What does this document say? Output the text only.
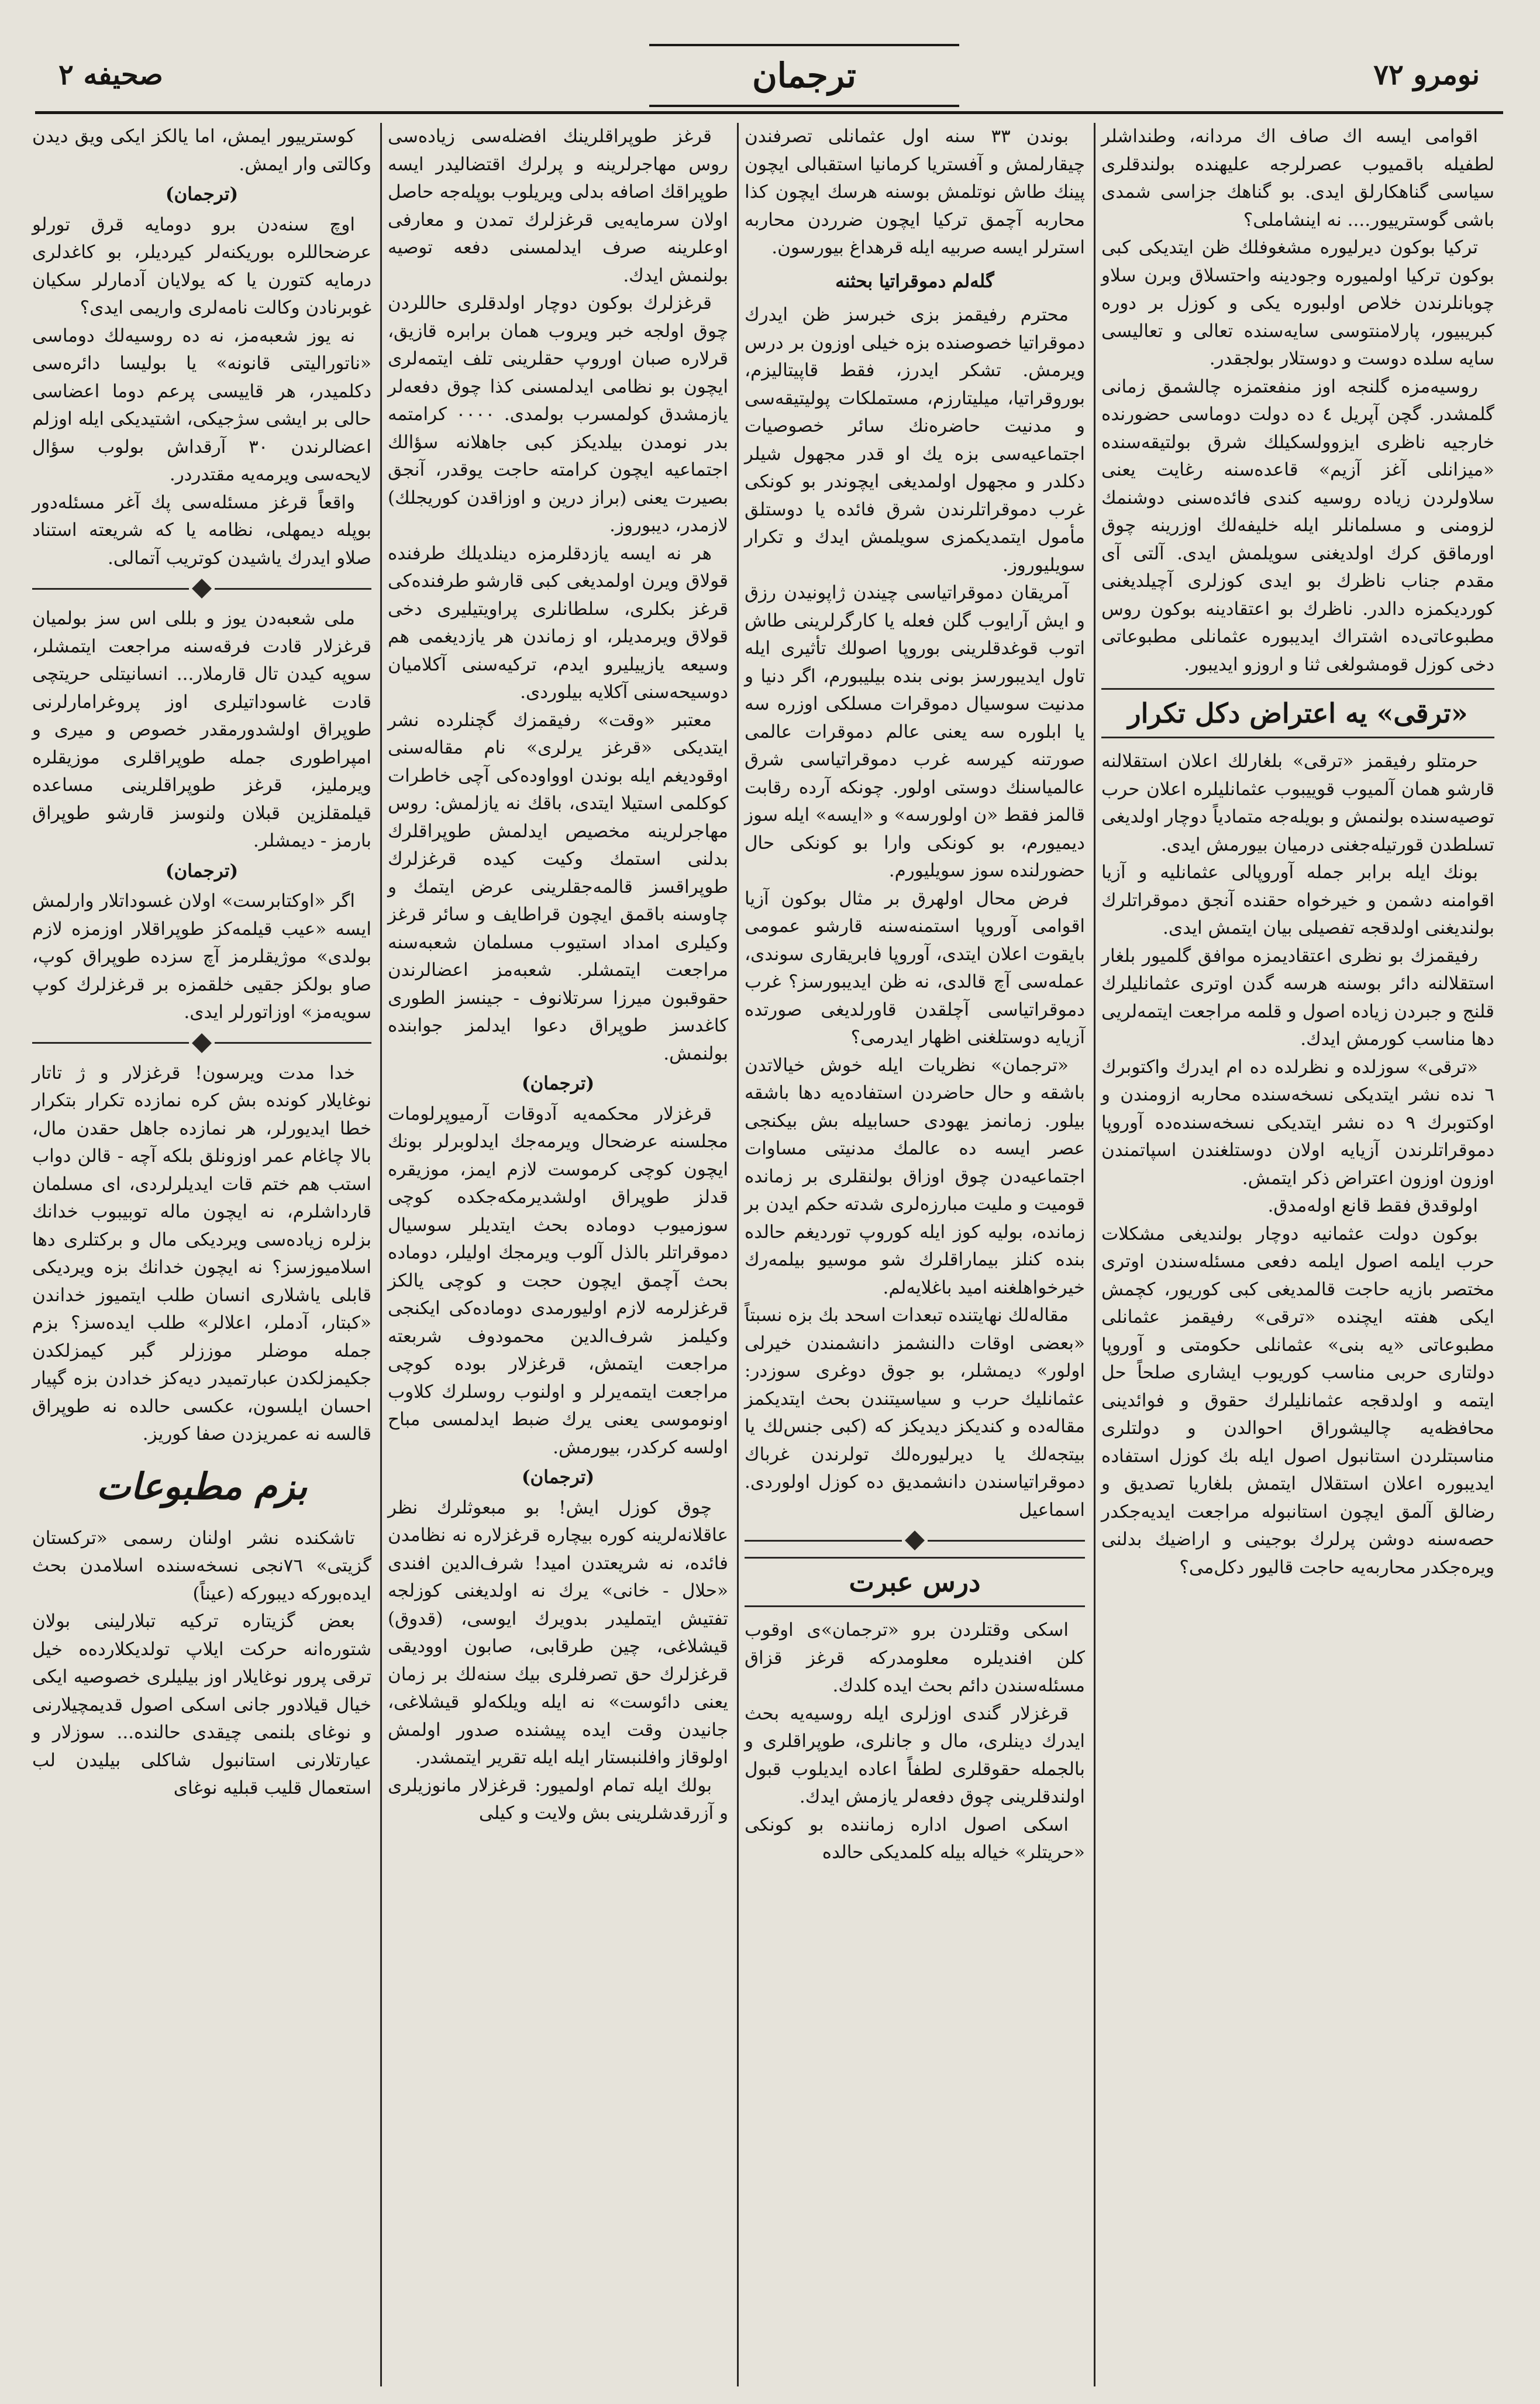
نومرو ۷۲
ترجمان
صحيفه ۲

اقوامی ایسه اك صاف اك مردانه، وطنداشلر لطفیله باقمیوب عصرلرجه علیهنده بولندقلری سیاسی گناهکارلق ایدی. بو گناهك جزاسی شمدی باشی گوسترییور.... نه اینشاملی؟

ترکیا بوکون دیرلیوره مشغوفلك ظن ایتدیکی کبی بوکون ترکیا اولمیوره وجودینه واحتسلاق وبرن سلاو چوبانلرندن خلاص اولبوره یکی و کوزل بر دوره کبریبیور، پارلامنتوسی سایه‌سنده تعالی و تعالیسی سایه سلده دوست و دوستلار بولجقدر.

روسیه‌مزه گلنجه اوز منفعتمزه چالشمق زمانی گلمشدر. گچن آپریل ٤ ده دولت دوماسی حضورنده خارجیه ناظری ایزوولسکیلك شرق بولتیقه‌سنده «میزانلی آغز آزیم» قاعده‌سنه رغایت یعنی سلاولردن زیاده روسیه کندی فائده‌سنی دوشنمك لزومنی و مسلمانلر ایله خلیفه‌لك اوزرینه چوق اورماقق کرك اولدیغنی سویلمش ایدی. آلتی آی مقدم جناب ناظرك بو ایدی کوزلری آچیلدیغنی کوردیکمزه دالدر. ناظرك بو اعتقادینه بوکون روس مطبوعاتی‌ده اشتراك ایدیبوره عثمانلی مطبوعاتی دخی کوزل قومشولغی ثنا و اروزو ایدیبور.

«ترقی» یه اعتراض دکل تکرار

حرمتلو رفیقمز «ترقی» بلغارلك اعلان استقلالنه قارشو همان آلمیوب قوییبوب عثمانلیلره اعلان حرب توصیه‌سنده بولنمش و بویله‌جه متمادیاً دوچار اولدیغی تسلطدن قورتیله‌جغنی درمیان بیورمش ایدی.

بونك ایله برابر جمله آوروپالی عثمانلیه و آزیا اقوامنه دشمن و خیرخواه حقنده آنجق دموقراتلرك بولندیغنی اولدقجه تفصیلی بیان ایتمش ایدی.

رفیقمزك بو نظری اعتقادیمزه موافق گلمیور بلغار استقلالنه دائر بوسنه هرسه گدن اوتری عثمانلیلرك قلنج و جبردن زیاده اصول و قلمه مراجعت ایتمه‌لریی دها مناسب کورمش ایدك.

«ترقی» سوزلده و نظرلده ده ام ایدرك واکتوبرك ٦ نده نشر ایتدیکی نسخه‌سنده محاربه ازومندن و اوکتوبرك ٩ ده نشر ایتدیکی نسخه‌سنده‌ده آوروپا دموقراتلرندن آزیایه اولان دوستلغندن اسپاتمندن اوزون اوزون اعتراض ذکر ایتمش.

اولوقدق فقط قانع اوله‌مدق.

بوکون دولت عثمانیه دوچار بولندیغی مشکلات حرب ایلمه اصول ایلمه دفعی مسئله‌سندن اوتری مختصر بازیه حاجت قالمدیغی کبی کوریور، کچمش ایکی هفته ایچنده «ترقی» رفیقمز عثمانلی مطبوعاتی «یه بنی» عثمانلی حکومتی و آوروپا دولتاری حربی مناسب کوریوب ایشاری صلحاً حل ایتمه و اولدقجه عثمانلیلرك حقوق و فوائدینی محافظه‌یه چالیشوراق احوالدن و دولتلری مناسبتلردن استانبول اصول ایله بك کوزل استفاده ایدیبوره اعلان استقلال ایتمش بلغاریا تصدیق و رضالق آلمق ایچون استانبوله مراجعت ایدیه‌جکدر حصه‌سنه دوشن پرلرك بوجینی و اراضیك بدلنی ویره‌جکدر محاربه‌یه حاجت قالیور دکل‌می؟

بوندن ۳۳ سنه اول عثمانلی تصرفندن چیقارلمش و آفستریا کرمانیا استقبالی ایچون پینك طاش نوتلمش بوسنه هرسك ایچون کذا محاربه آچمق ترکیا ایچون ضرردن محاربه استرلر ایسه صربیه ایله قرهداغ بیورسون.

گله‌لم دموقراتیا بحثنه

محترم رفیقمز بزی خبرسز ظن ایدرك دموقراتیا خصوصنده بزه خیلی اوزون بر درس ویرمش. تشکر ایدرز، فقط قاپیتالیزم، بوروقراتیا، میلیتارزم، مستملکات پولیتیقه‌سی و مدنیت حاضره‌نك سائر خصوصیات اجتماعیه‌سی بزه یك او قدر مجهول شیلر دکلدر و مجهول اولمدیغی ایچوندر بو کونکی غرب دموقراتلرندن شرق فائده یا دوستلق مأمول ایتمدیکمزی سویلمش ایدك و تکرار سویلیوروز.

آمریقان دموقراتیاسی چیندن ژاپونیدن رزق و ایش آرایوب گلن فعله یا کارگرلرینی طاش اتوب قوغدقلرینی بوروپا اصولك تأثیری ایله تاول ایدیبورسز بونی بنده بیلیبورم، اگر دنیا و مدنیت سوسیال دموقرات مسلکی اوزره سه یا ابلوره سه یعنی عالم دموقرات عالمی صورتنه کیرسه غرب دموقراتیاسی شرق عالمیاسنك دوستی اولور. چونکه آرده رقابت قالمز فقط «ن اولورسه» و «ایسه» ایله سوز دیمیورم، بو کونکی وارا بو کونکی حال حضورلنده سوز سویلیورم.

فرض محال اولهرق بر مثال بوکون آزیا اقوامی آوروپا استمنه‌سنه قارشو عمومی بایقوت اعلان ایتدی، آوروپا فابریقاری سوندی، عمله‌سی آچ قالدی، نه ظن ایدیبورسز؟ غرب دموقراتیاسی آچلقدن قاورلدیغی صورتده آزیایه دوستلغنی اظهار ایدرمی؟

«ترجمان» نظریات ایله خوش خیالاتدن باشقه و حال حاضردن استفاده‌یه دها باشقه بیلور. زمانمز یهودی حسابیله بش بیکنجی عصر ایسه ده عالمك مدنیتی مساوات اجتماعیه‌دن چوق اوزاق بولنقلری بر زمانده قومیت و ملیت مبارزه‌لری شدته حکم ایدن بر زمانده، بولیه کوز ایله کوروپ توردیغم حالده بنده کنلز بیماراقلرك شو موسیو بیلمه‌رك خیرخواهلغنه امید باغلایه‌لم.

مقاله‌لك نهایتنده تبعدات اسحد بك بزه نسبتاً «بعضی اوقات دالنشمز دانشمندن خیرلی اولور» دیمشلر، بو جوق دوغری سوزدر: عثمانلیك حرب و سیاسیتندن بحث ایتدیکمز مقاله‌ده و کندیکز دیدیکز که (کبی جنس‌لك یا بیتجه‌لك یا دیرلیوره‌لك تولرندن غرباك دموقراتیاسندن دانشمدیق ده کوزل اولوردی. اسماعیل

درس عبرت

اسکی وقتلردن برو «ترجمان»ی اوقوب کلن افندیلره معلومدرکه قرغز قزاق مسئله‌سندن دائم بحث ایده کلدك.

قرغزلار گندی اوزلری ایله روسیه‌یه بحث ایدرك دینلری، مال و جانلری، طوپراقلری و بالجمله حقوقلری لطفاً اعاده ایدیلوب قبول اولندقلرینی چوق دفعه‌لر یازمش ایدك.

اسکی اصول اداره زماننده بو کونکی «حریتلر» خیاله بیله کلمدیکی حالده

قرغز طوپراقلرینك افضله‌سی زیاده‌سی روس مهاجرلرینه و پرلرك اقتضالیدر ایسه طوپراقك اصافه بدلی ویریلوب بوپله‌جه حاصل اولان سرمایه‌یی قرغزلرك تمدن و معارفی اوعلرینه صرف ایدلمسنی دفعه توصیه بولنمش ایدك.

قرغزلرك بوکون دوچار اولدقلری حاللردن چوق اولجه خبر ویروب همان برابره قازیق، قرلاره صبان اوروپ حقلرینی تلف ایتمه‌لری ایچون بو نظامی ایدلمسنی کذا چوق دفعه‌لر یازمشدق کولمسرب بولمدی. ۰۰۰۰ کرامتمه بدر نومدن بیلدیکز کبی جاهلانه سؤالك اجتماعیه ایچون کرامته حاجت یوقدر، آنجق بصیرت یعنی (براز درین و اوزاقدن کوریجلك) لازمدر، دیبوروز.

هر نه ایسه یازدقلرمزه دینلدیلك طرفنده قولاق ویرن اولمدیغی کبی قارشو طرفنده‌کی قرغز بکلری، سلطانلری پراویتیلیری دخی قولاق ویرمدیلر، او زماندن هر یازدیغمی هم وسیعه یازییلیرو ایدم، ترکیه‌سنی آکلامیان دوسیحه‌سنی آکلایه بیلوردی.

معتبر «وقت» رفیقمزك گچنلرده نشر ایتدیکی «قرغز یرلری» نام مقاله‌سنی اوقودیغم ایله بوندن اوواوده‌کی آچی خاطرات کوکلمی استیلا ایتدی، باقك نه یازلمش: روس مهاجرلرینه مخصیص ایدلمش طوپراقلرك بدلنی استمك وکیت کیده قرغزلرك طوپراقسز قالمه‌جقلرینی عرض ایتمك و چاوسنه باقمق ایچون قراطایف و سائر قرغز وکیلری امداد استیوب مسلمان شعبه‌سنه مراجعت ایتمشلر. شعبه‌مز اعضالرندن حقوقبون میرزا سرتلانوف - جینسز الطوری کاغدسز طوپراق دعوا ایدلمز جوابنده بولنمش.

(ترجمان)

قرغزلار محکمه‌یه آدوقات آرمیوپرلومات مجلسنه عرضحال ویرمه‌جك ایدلوبرلر بونك ایچون کوچی کرموست لازم ایمز، موزیقره قدلز طوپراق اولشدیرمکه‌جکده کوچی سوزمیوب دوماده بحث ایتدیلر سوسیال دموقراتلر بالذل آلوب ویرمجك اولیلر، دوماده بحث آچمق ایچون حجت و کوچی یالکز قرغزلرمه لازم اولیورمدی دوماده‌کی ایکنجی وکیلمز شرف‌الدین محمودوف شربعته مراجعت ایتمش، قرغزلار بوده کوچی مراجعت ایتمه‌یرلر و اولنوب روسلرك کلاوب اونوموسی یعنی یرك ضبط ایدلمسی مباح اولسه کرکدر، بیورمش.

(ترجمان)

چوق کوزل ایش! بو مبعوثلرك نظر عاقلانه‌لرینه کوره بیچاره قرغزلاره نه نظامدن فائده، نه شریعتدن امید! شرف‌الدین افندی «حلال - خانی» یرك نه اولدیغنی کوزلجه تفتیش ایتملیدر بدویرك ایوسی، (قدوق) قیشلاغی، چین طرقابی، صابون اوودیقی قرغزلرك حق تصرفلری بیك سنه‌لك بر زمان یعنی دائوست» نه ایله ویلکه‌لو قیشلاغی، جانیدن وقت ایده پیشنده صدور اولمش اولوقاز وافلنبستار ایله ایله تقریر ایتمشدر.

بولك ایله تمام اولمیور: قرغزلار مانوزیلری و آزرقدشلرینی بش ولایت و کیلی

کوسترییور ایمش، اما یالکز ایکی ویق دیدن وکالتی وار ایمش.

(ترجمان)

اوچ سنه‌دن برو دومایه قرق تورلو عرضحاللره بوریکنه‌لر کیردیلر، بو کاغدلری درمایه کتورن یا که یولایان آدمارلر سکیان غوبرنادن وکالت نامه‌لری واریمی ایدی؟

نه یوز شعبه‌مز، نه ده روسیه‌لك دوماسی «ناتورالیتی قانونه» یا بولیسا دائره‌سی دکلمیدر، هر قاییسی پرعم دوما اعضاسی حالی بر ایشی سژجیکی، اشتیدیکی ایله اوزلم اعضالرندن ۳۰ آرقداش بولوب سؤال لایحه‌سی ویرمه‌یه مقتدردر.

واقعاً قرغز مسئله‌سی پك آغر مسئله‌دور بوپله دیمهلی، نظامه یا که شریعته استناد صلاو ایدرك یاشیدن کوتریب آتمالی.

ملی شعبه‌دن یوز و بللی اس سز بولمیان قرغزلار قادت فرقه‌سنه مراجعت ایتمشلر، سوپه کیدن تال قارملار... انسانیتلی حریتچی قادت غاسوداتیلری اوز پروغرامارلرنی طوپراق اولشدورمقدر خصوص و میری و امپراطوری جمله طوپراقلری موزیقلره ویرملیز، قرغز طوپراقلرینی مساعده قیلمقلزین قبلان ولنوسز قارشو طوپراق بارمز - دیمشلر.

(ترجمان)

اگر «اوکتابرست» اولان غسوداتلار وارلمش ایسه «عیب قیلمه‌کز طوپراقلار اوزمزه لازم بولدی» موژیقلرمز آچ سزده طوپراق کوپ، صاو بولکز جقیی خلقمزه بر قرغزلرك کوپ سویه‌مز» اوزاتورلر ایدی.

خدا مدت ویرسون! قرغزلار و ژ تاتار نوغایلار کونده بش کره نمازده تکرار بتکرار خطا ایدیورلر، هر نمازده جاهل حقدن مال، بالا چاغام عمر اوزونلق بلکه آچه - قالن دواب استب هم ختم قات ایدیلرلردی، ای مسلمان قارداشلرم، نه ایچون ماله توبيبوب خدانك بزلره زیاده‌سی ویردیکی مال و برکتلری دها اسلامیوزسز؟ نه ایچون خدانك بزه ویردیکی قابلی یاشلاری انسان طلب ایتمیوز خداندن «کبتار، آدملر، اعلالر» طلب ایده‌سز؟ بزم جمله موضلر موززلر گبر کیمزلکدن جکیمزلکدن عبارتمیدر دیه‌کز خدادن بزه گپیار احسان ایلسون، عکسی حالده نه طوپراق قالسه نه عمریزدن صفا کوریز.

بزم مطبوعات

تاشکنده نشر اولنان رسمی «ترکستان گزیتی» ۷٦نجی نسخه‌سنده اسلامدن بحث ایده‌بورکه دیبورکه (عیناً)

بعض گزیتاره ترکیه تبلارلینی بولان شتوره‌انه حرکت ایلاپ تولدیکلارده‌ه خیل ترقی پرور نوغایلار اوز بیلیلری خصوصیه ایکی خیال قیلادور جانی اسکی اصول قدیمچیلارنی و نوغای بلنمی چیقدی حالنده... سوزلار و عیارتلارنی استانبول شاکلی بیلیدن لب استعمال قلیب قبلیه نوغای
